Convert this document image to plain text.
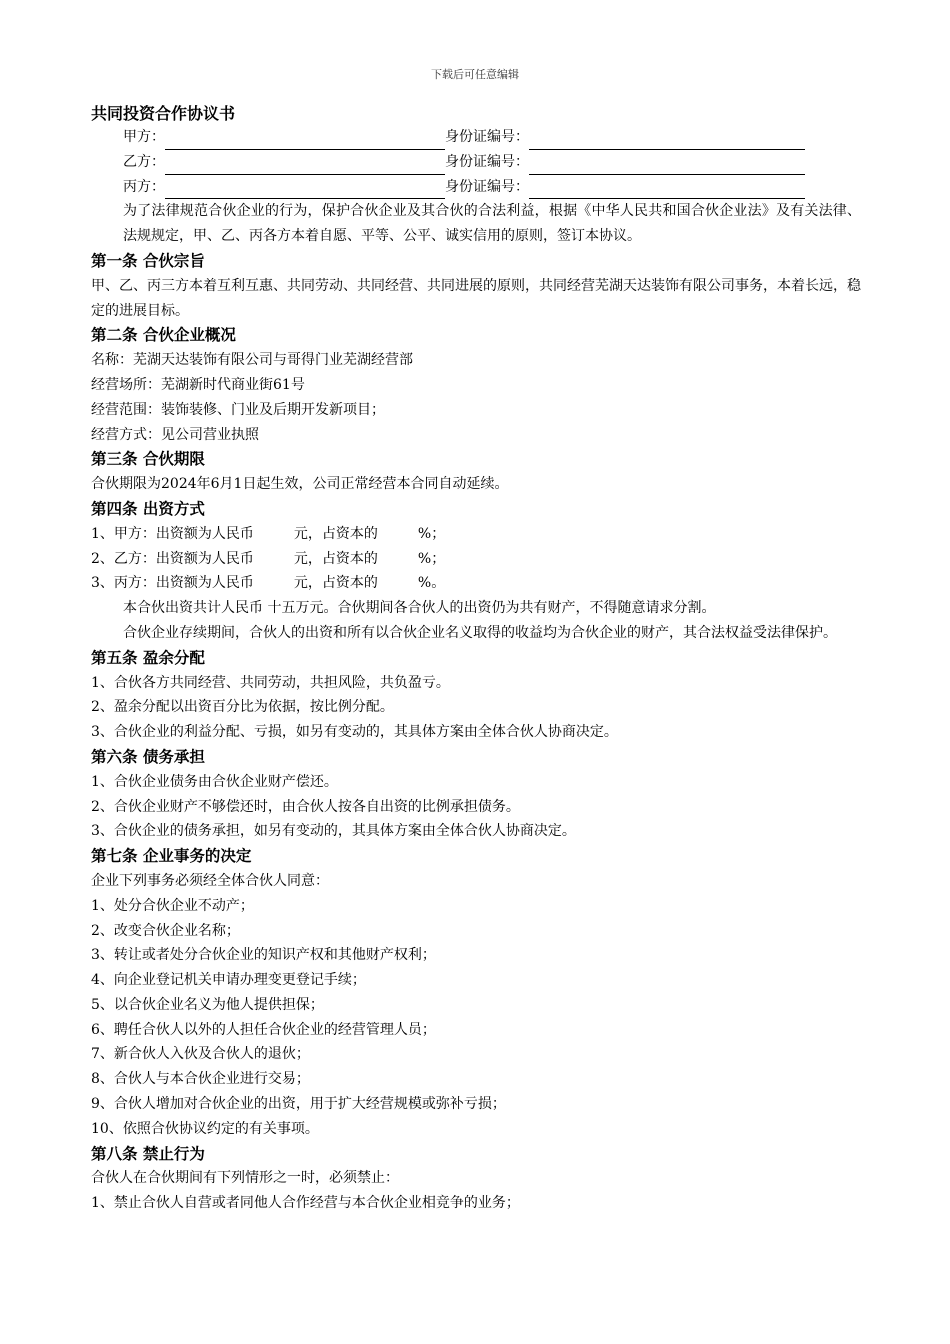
下载后可任意编辑
共同投资合作协议书
甲方：	身份证编号：
乙方：	身份证编号：
丙方：	身份证编号：
为了法律规范合伙企业的行为，保护合伙企业及其合伙的合法利益，根据《中华人民共和国合伙企业法》及有关法律、法规规定，甲、乙、丙各方本着自愿、平等、公平、诚实信用的原则，签订本协议。
第一条 合伙宗旨
甲、乙、丙三方本着互利互惠、共同劳动、共同经营、共同进展的原则，共同经营芜湖天达装饰有限公司事务，本着长远，稳定的进展目标。
第二条 合伙企业概况
名称：芜湖天达装饰有限公司与哥得门业芜湖经营部
经营场所：芜湖新时代商业街61号
经营范围：装饰装修、门业及后期开发新项目；
经营方式：见公司营业执照
第三条 合伙期限
合伙期限为2024年6月1日起生效，公司正常经营本合同自动延续。
第四条 出资方式
1、甲方：出资额为人民币	元，占资本的	%；
2、乙方：出资额为人民币	元，占资本的	%；
3、丙方：出资额为人民币	元，占资本的	%。
本合伙出资共计人民币 十五万元。合伙期间各合伙人的出资仍为共有财产，不得随意请求分割。
合伙企业存续期间，合伙人的出资和所有以合伙企业名义取得的收益均为合伙企业的财产，其合法权益受法律保护。
第五条 盈余分配
1、合伙各方共同经营、共同劳动，共担风险，共负盈亏。
2、盈余分配以出资百分比为依据，按比例分配。
3、合伙企业的利益分配、亏损，如另有变动的，其具体方案由全体合伙人协商决定。
第六条 债务承担
1、合伙企业债务由合伙企业财产偿还。
2、合伙企业财产不够偿还时，由合伙人按各自出资的比例承担债务。
3、合伙企业的债务承担，如另有变动的，其具体方案由全体合伙人协商决定。
第七条 企业事务的决定
企业下列事务必须经全体合伙人同意：
1、处分合伙企业不动产；
2、改变合伙企业名称；
3、转让或者处分合伙企业的知识产权和其他财产权利；
4、向企业登记机关申请办理变更登记手续；
5、以合伙企业名义为他人提供担保；
6、聘任合伙人以外的人担任合伙企业的经营管理人员；
7、新合伙人入伙及合伙人的退伙；
8、合伙人与本合伙企业进行交易；
9、合伙人增加对合伙企业的出资，用于扩大经营规模或弥补亏损；
10、依照合伙协议约定的有关事项。
第八条 禁止行为
合伙人在合伙期间有下列情形之一时，必须禁止：
1、禁止合伙人自营或者同他人合作经营与本合伙企业相竞争的业务；
